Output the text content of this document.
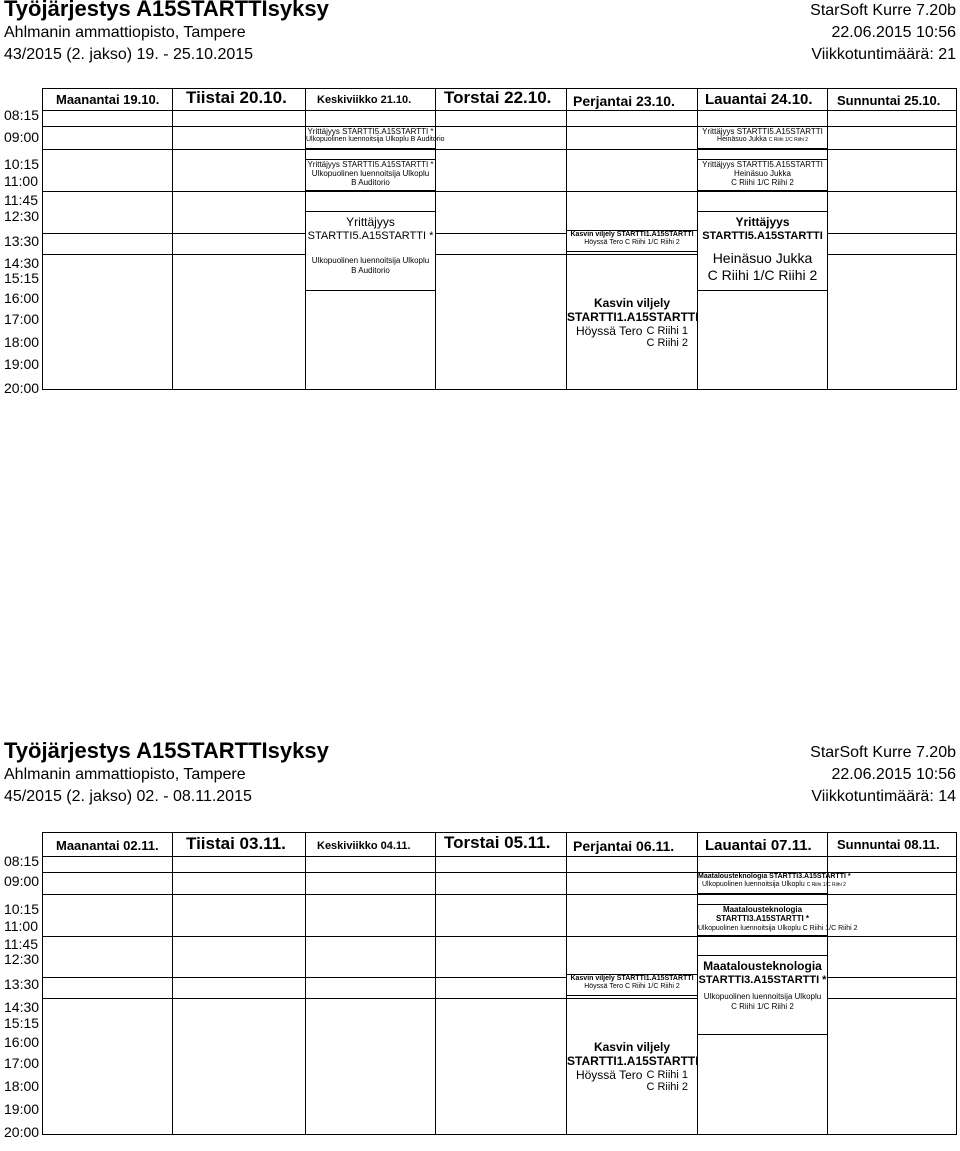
Työjärjestys A15STARTTIsyksy
Ahlmanin ammattiopisto, Tampere
43/2015 (2. jakso) 19. - 25.10.2015
StarSoft Kurre 7.20b
22.06.2015 10:56
Viikkotuntimäärä: 21
08:15
09:00
10:15
11:00
11:45
12:30
13:30
14:30
15:15
16:00
17:00
18:00
19:00
20:00
Maanantai 19.10. Tiistai 20.10.	Keskiviikko 21.10. Torstai 22.10. Perjantai 23.10. Lauantai 24.10. Sunnuntai 25.10.
Yrittäjyys STARTTI5.A15STARTTI *
Ulkopuolinen luennoitsija Ulkoplu B Auditorio
Yrittäjyys STARTTI5.A15STARTTI *
Ulkopuolinen luennoitsija Ulkoplu
B Auditorio
Yrittäjyys
STARTTI5.A15STARTTI *
Ulkopuolinen luennoitsija Ulkoplu
B Auditorio
Kasvin viljely STARTTI1.A15STARTTI
Höyssä Tero C Riihi 1/C Riihi 2
Kasvin viljely
STARTTI1.A15STARTTI
Höyssä Tero C Riihi 1
C Riihi 2
Yrittäjyys STARTTI5.A15STARTTI
Heinäsuo Jukka C Riihi 1/C Riihi 2
Yrittäjyys STARTTI5.A15STARTTI
Heinäsuo Jukka
C Riihi 1/C Riihi 2
Yrittäjyys
STARTTI5.A15STARTTI
Heinäsuo Jukka
C Riihi 1/C Riihi 2
Työjärjestys A15STARTTIsyksy
Ahlmanin ammattiopisto, Tampere
45/2015 (2. jakso) 02. - 08.11.2015
StarSoft Kurre 7.20b
22.06.2015 10:56
Viikkotuntimäärä: 14
08:15
09:00
10:15
11:00
11:45
12:30
13:30
14:30
15:15
16:00
17:00
18:00
19:00
20:00
Maanantai 02.11. Tiistai 03.11.	Keskiviikko 04.11. Torstai 05.11. Perjantai 06.11. Lauantai 07.11. Sunnuntai 08.11.
Kasvin viljely STARTTI1.A15STARTTI
Höyssä Tero C Riihi 1/C Riihi 2
Kasvin viljely
STARTTI1.A15STARTTI
Höyssä Tero C Riihi 1
C Riihi 2
Maatalousteknologia STARTTI3.A15STARTTI *
Ulkopuolinen luennoitsija Ulkoplu C Riihi 1/C Riihi 2
Maatalousteknologia
STARTTI3.A15STARTTI *
Ulkopuolinen luennoitsija Ulkoplu C Riihi 1/C Riihi 2
Maatalousteknologia
STARTTI3.A15STARTTI *
Ulkopuolinen luennoitsija Ulkoplu
C Riihi 1/C Riihi 2
